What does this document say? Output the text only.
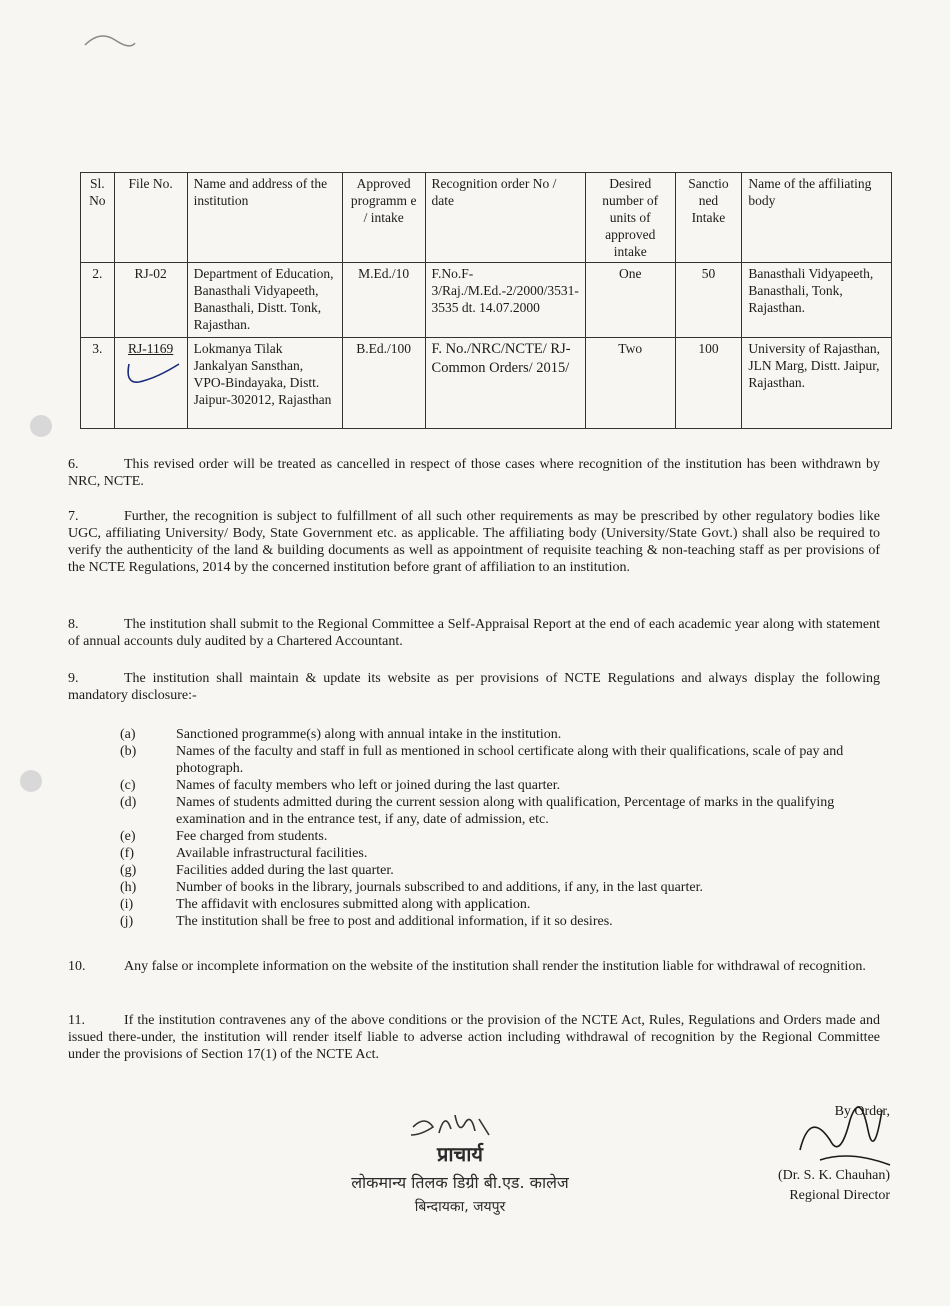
Sl. No	File No.	Name and address of the institution	Approved programm e / intake	Recognition order No / date	Desired number of units of approved intake	Sanctio ned Intake	Name of the affiliating body
2.	RJ-02	Department of Education, Banasthali Vidyapeeth, Banasthali, Distt. Tonk, Rajasthan.	M.Ed./10	F.No.F-3/Raj./M.Ed.-2/2000/3531-3535 dt. 14.07.2000	One	50	Banasthali Vidyapeeth, Banasthali, Tonk, Rajasthan.
3.	RJ-1169	Lokmanya Tilak Jankalyan Sansthan, VPO-Bindayaka, Distt. Jaipur-302012, Rajasthan	B.Ed./100	F. No./NRC/NCTE/ RJ-Common Orders/ 2015/	Two	100	University of Rajasthan, JLN Marg, Distt. Jaipur, Rajasthan.
6.	This revised order will be treated as cancelled in respect of those cases where recognition of the institution has been withdrawn by NRC, NCTE.
7.	Further, the recognition is subject to fulfillment of all such other requirements as may be prescribed by other regulatory bodies like UGC, affiliating University/ Body, State Government etc. as applicable. The affiliating body (University/State Govt.) shall also be required to verify the authenticity of the land & building documents as well as appointment of requisite teaching & non-teaching staff as per provisions of the NCTE Regulations, 2014 by the concerned institution before grant of affiliation to an institution.
8.	The institution shall submit to the Regional Committee a Self-Appraisal Report at the end of each academic year along with statement of annual accounts duly audited by a Chartered Accountant.
9.	The institution shall maintain & update its website as per provisions of NCTE Regulations and always display the following mandatory disclosure:-
(a)	Sanctioned programme(s) along with annual intake in the institution.
(b)	Names of the faculty and staff in full as mentioned in school certificate along with their qualifications, scale of pay and photograph.
(c)	Names of faculty members who left or joined during the last quarter.
(d)	Names of students admitted during the current session along with qualification, Percentage of marks in the qualifying examination and in the entrance test, if any, date of admission, etc.
(e)	Fee charged from students.
(f)	Available infrastructural facilities.
(g)	Facilities added during the last quarter.
(h)	Number of books in the library, journals subscribed to and additions, if any, in the last quarter.
(i)	The affidavit with enclosures submitted along with application.
(j)	The institution shall be free to post and additional information, if it so desires.
10.	Any false or incomplete information on the website of the institution shall render the institution liable for withdrawal of recognition.
11.	If the institution contravenes any of the above conditions or the provision of the NCTE Act, Rules, Regulations and Orders made and issued there-under, the institution will render itself liable to adverse action including withdrawal of recognition by the Regional Committee under the provisions of Section 17(1) of the NCTE Act.
प्राचार्य
लोकमान्य तिलक डिग्री बी.एड. कालेज
बिन्दायका, जयपुर
By Order,
(Dr. S. K. Chauhan)
Regional Director
